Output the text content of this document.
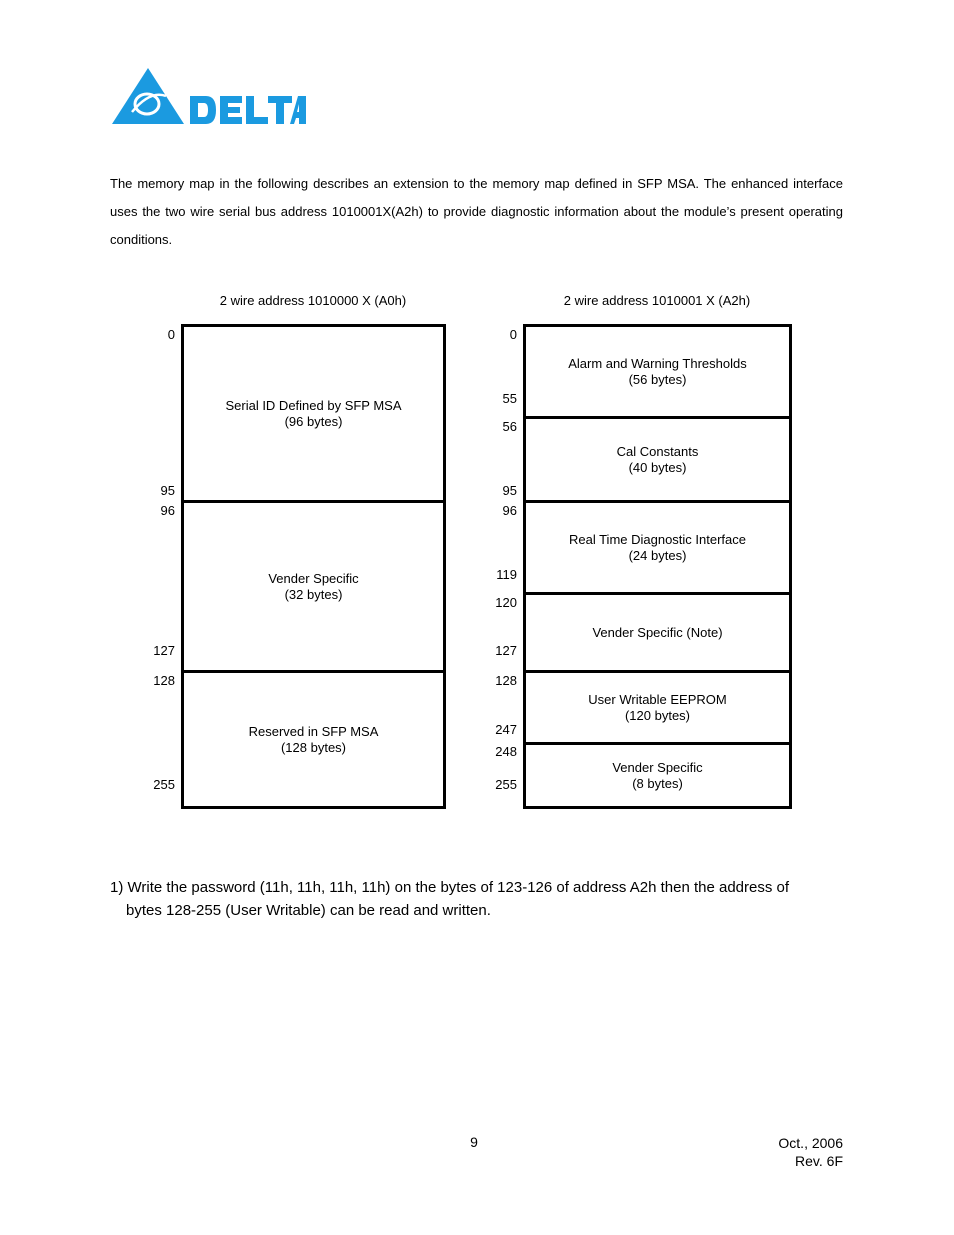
The memory map in the following describes an extension to the memory map defined in SFP MSA. The enhanced interface uses the two wire serial bus address 1010001X(A2h) to provide diagnostic information about the module’s present operating conditions.
2 wire address 1010000 X (A0h)	2 wire address 1010001 X (A2h)
Serial ID Defined by SFP MSA
(96 bytes)
Vender Specific
(32 bytes)
Reserved in SFP MSA
(128 bytes)
0
95
96
127
128
255
Alarm and Warning Thresholds
(56 bytes)
Cal Constants
(40 bytes)
Real Time Diagnostic Interface
(24 bytes)
Vender Specific (Note)
User Writable EEPROM
(120 bytes)
Vender Specific
(8 bytes)
0
55
56
95
96
119
120
127
128
247
248
255
1) Write the password (11h, 11h, 11h, 11h) on the bytes of 123-126 of address A2h then the address of
bytes 128-255 (User Writable) can be read and written.
9	Oct., 2006
Rev. 6F
